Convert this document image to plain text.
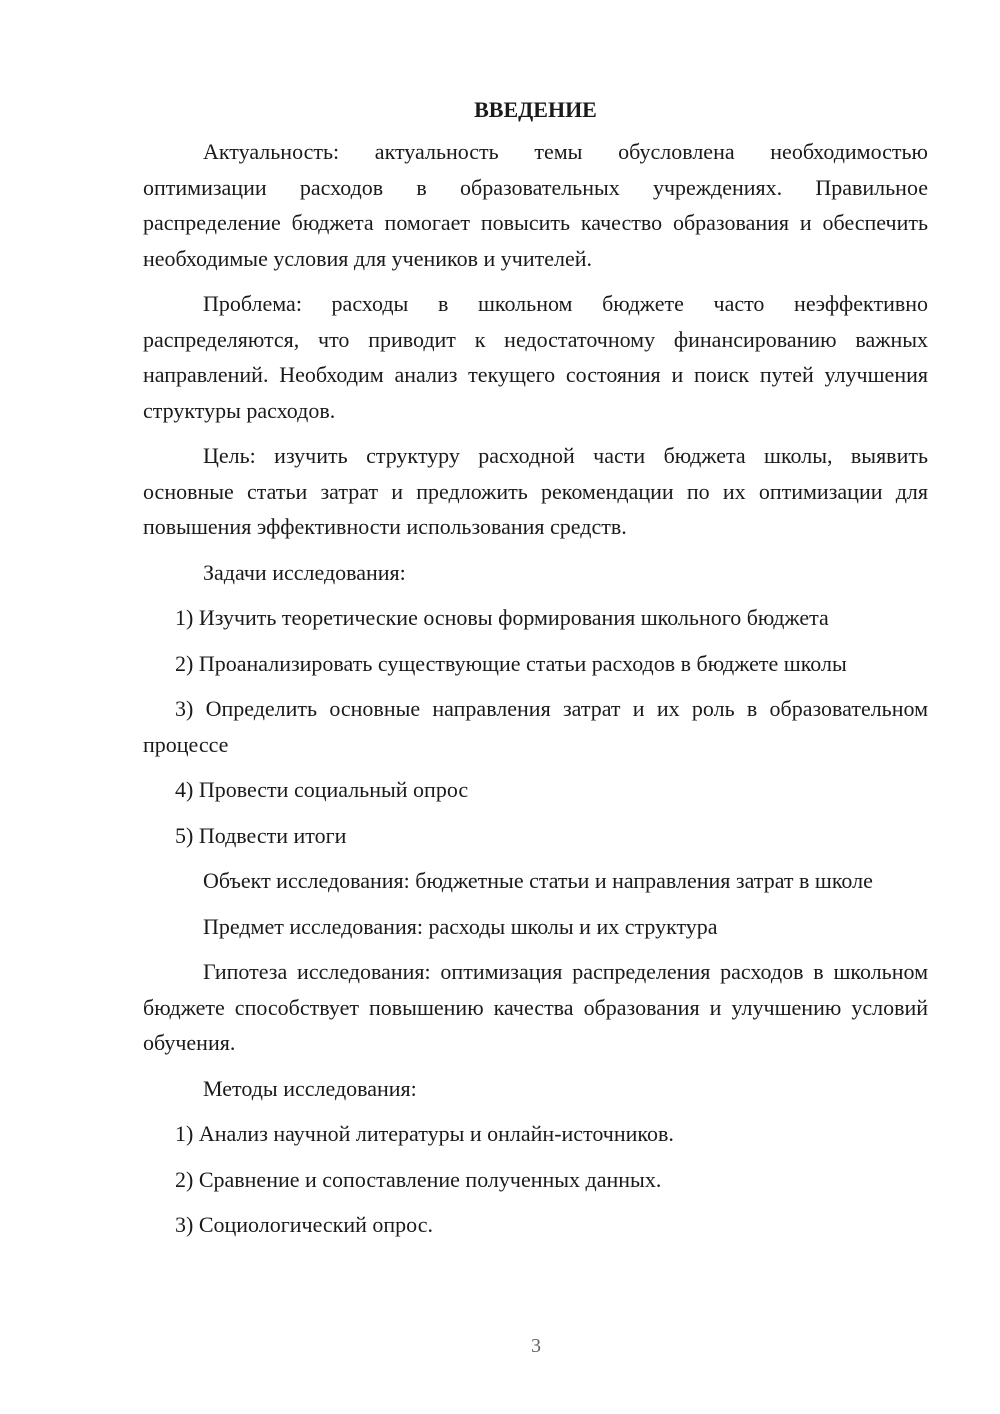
ВВЕДЕНИЕ

Актуальность: актуальность темы обусловлена необходимостью оптимизации расходов в образовательных учреждениях. Правильное распределение бюджета помогает повысить качество образования и обеспечить необходимые условия для учеников и учителей.

Проблема: расходы в школьном бюджете часто неэффективно распределяются, что приводит к недостаточному финансированию важных направлений. Необходим анализ текущего состояния и поиск путей улучшения структуры расходов.

Цель: изучить структуру расходной части бюджета школы, выявить основные статьи затрат и предложить рекомендации по их оптимизации для повышения эффективности использования средств.

Задачи исследования:

1) Изучить теоретические основы формирования школьного бюджета

2) Проанализировать существующие статьи расходов в бюджете школы

3) Определить основные направления затрат и их роль в образовательном процессе

4) Провести социальный опрос

5) Подвести итоги

Объект исследования: бюджетные статьи и направления затрат в школе

Предмет исследования: расходы школы и их структура

Гипотеза исследования: оптимизация распределения расходов в школьном бюджете способствует повышению качества образования и улучшению условий обучения.

Методы исследования:

1) Анализ научной литературы и онлайн-источников.

2) Сравнение и сопоставление полученных данных.

3) Социологический опрос.

3
